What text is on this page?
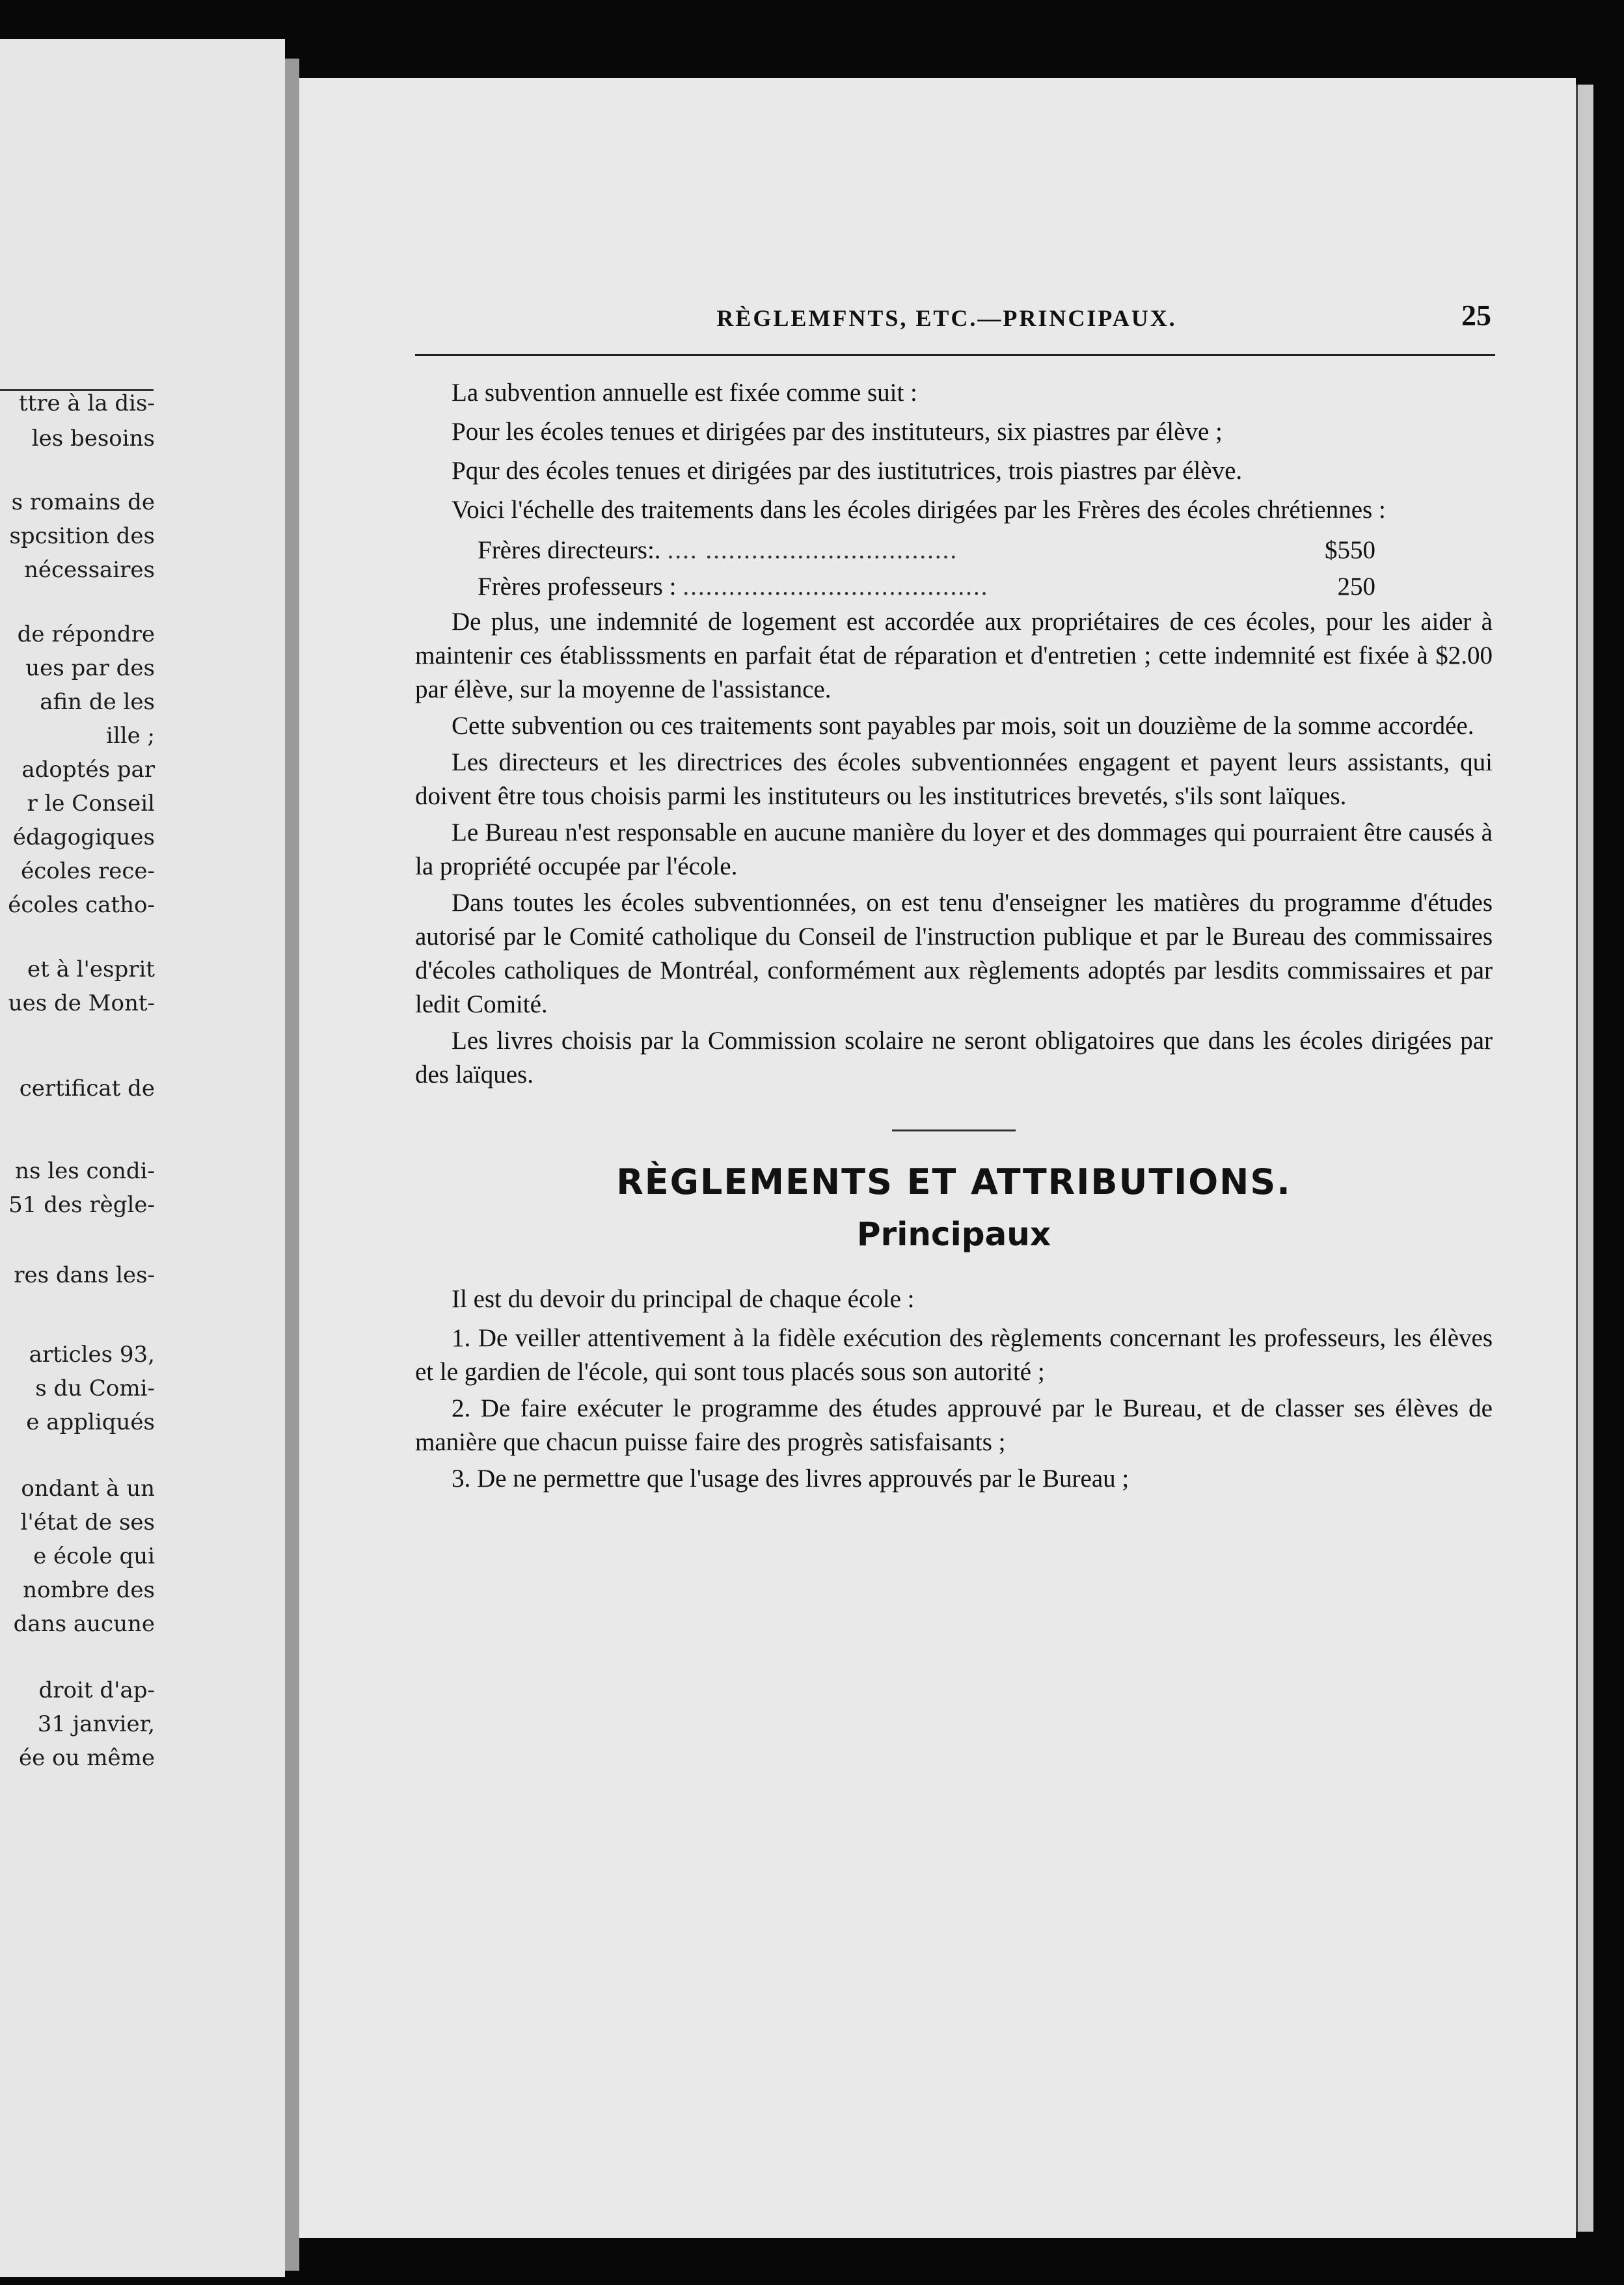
ttre à la dis-
les besoins
s romains de
spcsition des
nécessaires
de répondre
ues par des
afin de les
ille ;
adoptés par
r le Conseil
édagogiques
écoles rece-
écoles catho-
et à l'esprit
ues de Mont-
certificat de
ns les condi-
51 des règle-
res dans les-
articles 93,
s du Comi-
e appliqués
ondant à un
l'état de ses
e école qui
nombre des
dans aucune
droit d'ap-
31 janvier,
ée ou même
RÈGLEMFNTS, ETC.—PRINCIPAUX.	25

La subvention annuelle est fixée comme suit :

Pour les écoles tenues et dirigées par des instituteurs, six piastres par élève ;

Pqur des écoles tenues et dirigées par des iustitutrices, trois piastres par élève.

Voici l'échelle des traitements dans les écoles dirigées par les Frères des écoles chrétiennes :

Frères directeurs:. .... .................................	$550
Frères professeurs : ........................................	250

De plus, une indemnité de logement est accordée aux propriétaires de ces écoles, pour les aider à maintenir ces établisssments en parfait état de réparation et d'entretien ; cette indemnité est fixée à $2.00 par élève, sur la moyenne de l'assistance.

Cette subvention ou ces traitements sont payables par mois, soit un douzième de la somme accordée.

Les directeurs et les directrices des écoles subventionnées engagent et payent leurs assistants, qui doivent être tous choisis parmi les instituteurs ou les institutrices brevetés, s'ils sont laïques.

Le Bureau n'est responsable en aucune manière du loyer et des dommages qui pourraient être causés à la propriété occupée par l'école.

Dans toutes les écoles subventionnées, on est tenu d'enseigner les matières du programme d'études autorisé par le Comité catholique du Conseil de l'instruction publique et par le Bureau des commissaires d'écoles catholiques de Montréal, conformément aux règlements adoptés par lesdits commissaires et par ledit Comité.

Les livres choisis par la Commission scolaire ne seront obligatoires que dans les écoles dirigées par des laïques.

RÈGLEMENTS ET ATTRIBUTIONS.
Principaux

Il est du devoir du principal de chaque école :

1. De veiller attentivement à la fidèle exécution des règlements concernant les professeurs, les élèves et le gardien de l'école, qui sont tous placés sous son autorité ;

2. De faire exécuter le programme des études approuvé par le Bureau, et de classer ses élèves de manière que chacun puisse faire des progrès satisfaisants ;

3. De ne permettre que l'usage des livres approuvés par le Bureau ;
